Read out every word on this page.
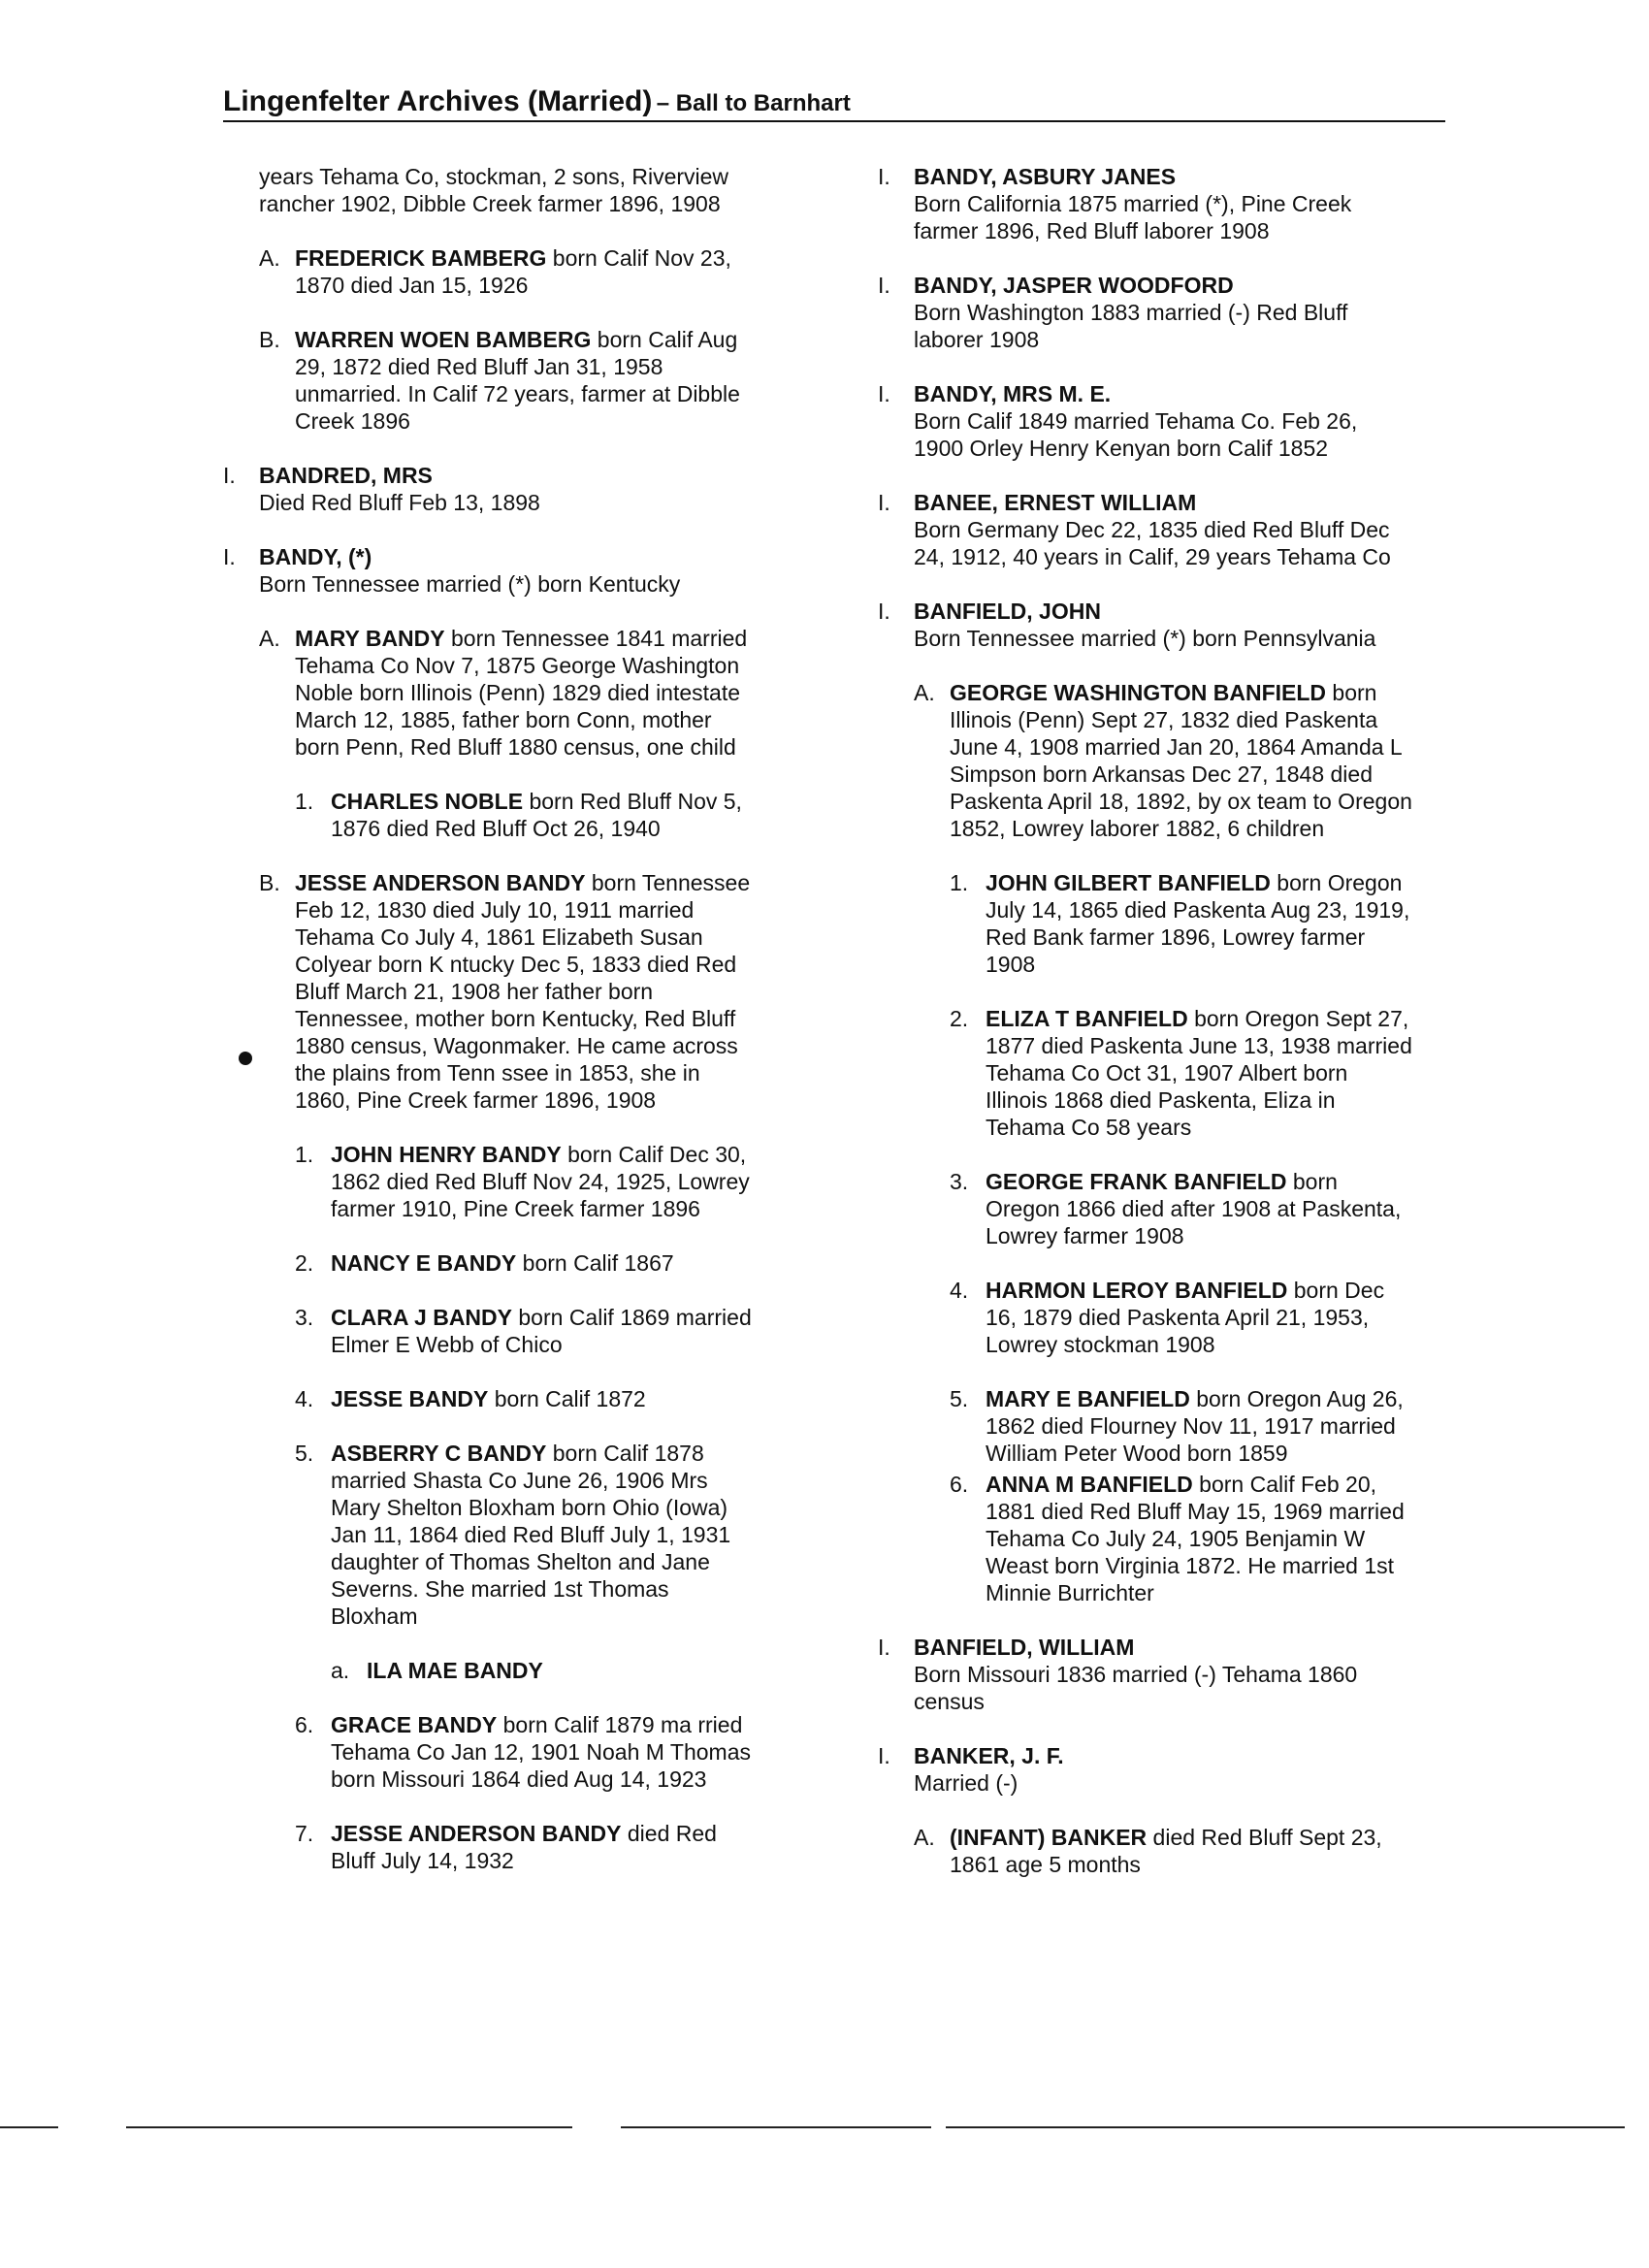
Lingenfelter Archives (Married) – Ball to Barnhart
years Tehama Co, stockman, 2 sons, Riverview
rancher 1902, Dibble Creek farmer 1896, 1908
A. FREDERICK BAMBERG born Calif Nov 23,
1870 died Jan 15, 1926
B. WARREN WOEN BAMBERG born Calif Aug
29, 1872 died Red Bluff Jan 31, 1958
unmarried. In Calif 72 years, farmer at Dibble
Creek 1896
I. BANDRED, MRS
Died Red Bluff Feb 13, 1898
I. BANDY, (*)
Born Tennessee married (*) born Kentucky
A. MARY BANDY born Tennessee 1841 married
Tehama Co Nov 7, 1875 George Washington
Noble born Illinois (Penn) 1829 died intestate
March 12, 1885, father born Conn, mother
born Penn, Red Bluff 1880 census, one child
1. CHARLES NOBLE born Red Bluff Nov 5,
1876 died Red Bluff Oct 26, 1940
B. JESSE ANDERSON BANDY born Tennessee
Feb 12, 1830 died July 10, 1911 married
Tehama Co July 4, 1861 Elizabeth Susan
Colyear born K ntucky Dec 5, 1833 died Red
Bluff March 21, 1908 her father born
Tennessee, mother born Kentucky, Red Bluff
1880 census, Wagonmaker. He came across
the plains from Tenn ssee in 1853, she in
1860, Pine Creek farmer 1896, 1908
1. JOHN HENRY BANDY born Calif Dec 30,
1862 died Red Bluff Nov 24, 1925, Lowrey
farmer 1910, Pine Creek farmer 1896
2. NANCY E BANDY born Calif 1867
3. CLARA J BANDY born Calif 1869 married
Elmer E Webb of Chico
4. JESSE BANDY born Calif 1872
5. ASBERRY C BANDY born Calif 1878
married Shasta Co June 26, 1906 Mrs
Mary Shelton Bloxham born Ohio (Iowa)
Jan 11, 1864 died Red Bluff July 1, 1931
daughter of Thomas Shelton and Jane
Severns. She married 1st Thomas
Bloxham
a. ILA MAE BANDY
6. GRACE BANDY born Calif 1879 ma rried
Tehama Co Jan 12, 1901 Noah M Thomas
born Missouri 1864 died Aug 14, 1923
7. JESSE ANDERSON BANDY died Red
Bluff July 14, 1932
I. BANDY, ASBURY JANES
Born California 1875 married (*), Pine Creek
farmer 1896, Red Bluff laborer 1908
I. BANDY, JASPER WOODFORD
Born Washington 1883 married (-) Red Bluff
laborer 1908
I. BANDY, MRS M. E.
Born Calif 1849 married Tehama Co. Feb 26,
1900 Orley Henry Kenyan born Calif 1852
I. BANEE, ERNEST WILLIAM
Born Germany Dec 22, 1835 died Red Bluff Dec
24, 1912, 40 years in Calif, 29 years Tehama Co
I. BANFIELD, JOHN
Born Tennessee married (*) born Pennsylvania
A. GEORGE WASHINGTON BANFIELD born
Illinois (Penn) Sept 27, 1832 died Paskenta
June 4, 1908 married Jan 20, 1864 Amanda L
Simpson born Arkansas Dec 27, 1848 died
Paskenta April 18, 1892, by ox team to Oregon
1852, Lowrey laborer 1882, 6 children
1. JOHN GILBERT BANFIELD born Oregon
July 14, 1865 died Paskenta Aug 23, 1919,
Red Bank farmer 1896, Lowrey farmer
1908
2. ELIZA T BANFIELD born Oregon Sept 27,
1877 died Paskenta June 13, 1938 married
Tehama Co Oct 31, 1907 Albert born
Illinois 1868 died Paskenta, Eliza in
Tehama Co 58 years
3. GEORGE FRANK BANFIELD born
Oregon 1866 died after 1908 at Paskenta,
Lowrey farmer 1908
4. HARMON LEROY BANFIELD born Dec
16, 1879 died Paskenta April 21, 1953,
Lowrey stockman 1908
5. MARY E BANFIELD born Oregon Aug 26,
1862 died Flourney Nov 11, 1917 married
William Peter Wood born 1859
6. ANNA M BANFIELD born Calif Feb 20,
1881 died Red Bluff May 15, 1969 married
Tehama Co July 24, 1905 Benjamin W
Weast born Virginia 1872. He married 1st
Minnie Burrichter
I. BANFIELD, WILLIAM
Born Missouri 1836 married (-) Tehama 1860
census
I. BANKER, J. F.
Married (-)
A. (INFANT) BANKER died Red Bluff Sept 23,
1861 age 5 months
